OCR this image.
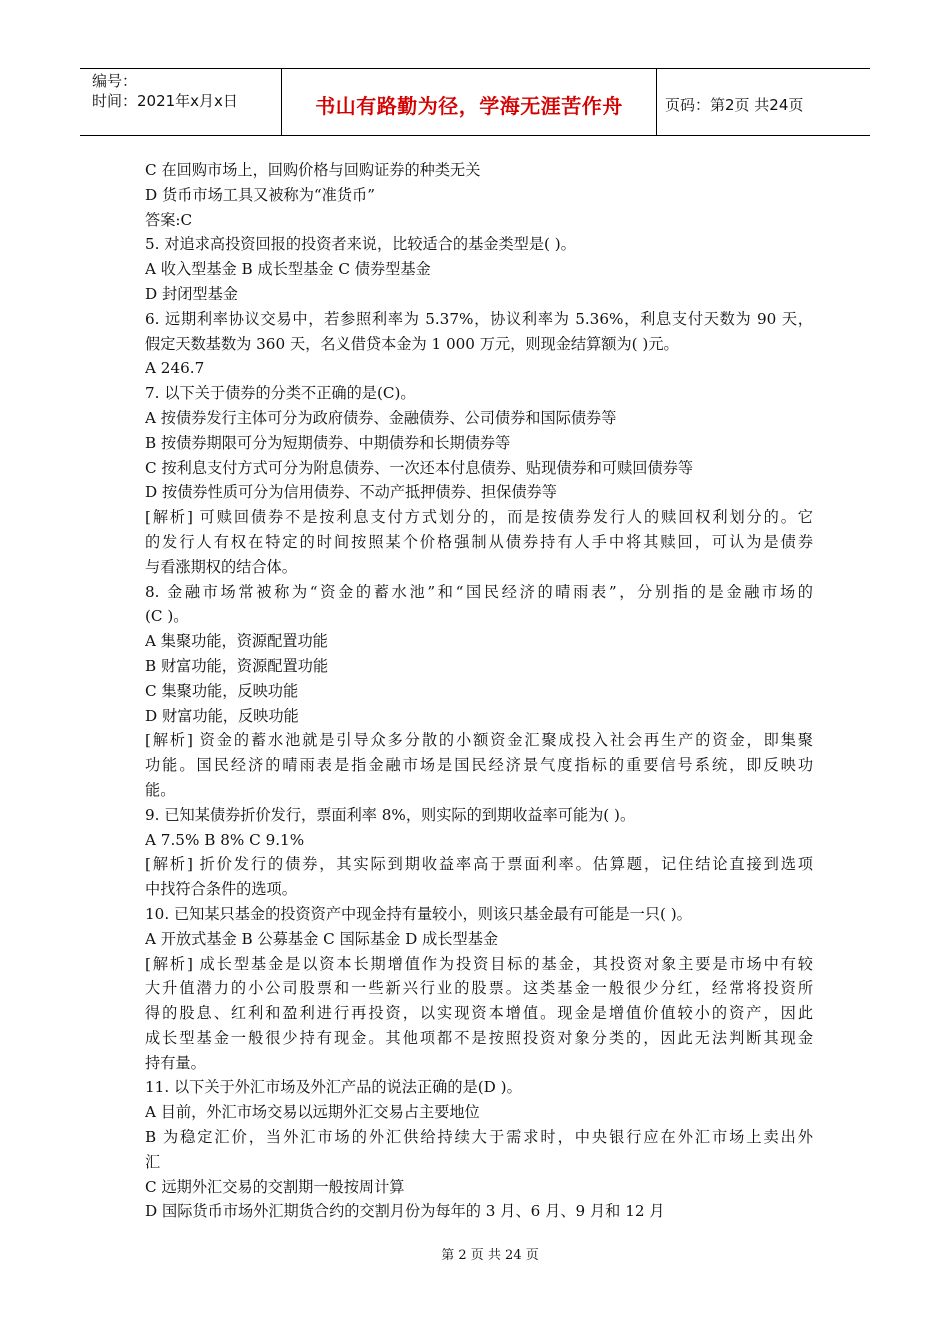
编号：
时间：2021年x月x日	书山有路勤为径，学海无涯苦作舟	页码：第2页 共24页
C 在回购市场上，回购价格与回购证券的种类无关
D 货币市场工具又被称为“准货币”
答案:C
5. 对追求高投资回报的投资者来说，比较适合的基金类型是( )。
A 收入型基金 B 成长型基金 C 债券型基金
D 封闭型基金
6. 远期利率协议交易中，若参照利率为 5.37%，协议利率为 5.36%，利息支付天数为 90 天，
假定天数基数为 360 天，名义借贷本金为 1 000 万元，则现金结算额为( )元。
A 246.7
7. 以下关于债券的分类不正确的是(C)。
A 按债券发行主体可分为政府债券、金融债券、公司债券和国际债券等
B 按债券期限可分为短期债券、中期债券和长期债券等
C 按利息支付方式可分为附息债券、一次还本付息债券、贴现债券和可赎回债券等
D 按债券性质可分为信用债券、不动产抵押债券、担保债券等
[解析] 可赎回债券不是按利息支付方式划分的，而是按债券发行人的赎回权利划分的。它
的发行人有权在特定的时间按照某个价格强制从债券持有人手中将其赎回，可认为是债券
与看涨期权的结合体。
8. 金融市场常被称为“资金的蓄水池”和“国民经济的晴雨表”，分别指的是金融市场的
(C )。
A 集聚功能，资源配置功能
B 财富功能，资源配置功能
C 集聚功能，反映功能
D 财富功能，反映功能
[解析] 资金的蓄水池就是引导众多分散的小额资金汇聚成投入社会再生产的资金，即集聚
功能。国民经济的晴雨表是指金融市场是国民经济景气度指标的重要信号系统，即反映功
能。
9. 已知某债券折价发行，票面利率 8%，则实际的到期收益率可能为( )。
A 7.5% B 8% C 9.1%
[解析] 折价发行的债券，其实际到期收益率高于票面利率。估算题，记住结论直接到选项
中找符合条件的选项。
10. 已知某只基金的投资资产中现金持有量较小，则该只基金最有可能是一只( )。
A 开放式基金 B 公募基金 C 国际基金 D 成长型基金
[解析] 成长型基金是以资本长期增值作为投资目标的基金，其投资对象主要是市场中有较
大升值潜力的小公司股票和一些新兴行业的股票。这类基金一般很少分红，经常将投资所
得的股息、红利和盈利进行再投资，以实现资本增值。现金是增值价值较小的资产，因此
成长型基金一般很少持有现金。其他项都不是按照投资对象分类的，因此无法判断其现金
持有量。
11. 以下关于外汇市场及外汇产品的说法正确的是(D )。
A 目前，外汇市场交易以远期外汇交易占主要地位
B 为稳定汇价，当外汇市场的外汇供给持续大于需求时，中央银行应在外汇市场上卖出外
汇
C 远期外汇交易的交割期一般按周计算
D 国际货币市场外汇期货合约的交割月份为每年的 3 月、6 月、9 月和 12 月
第 2 页 共 24 页
